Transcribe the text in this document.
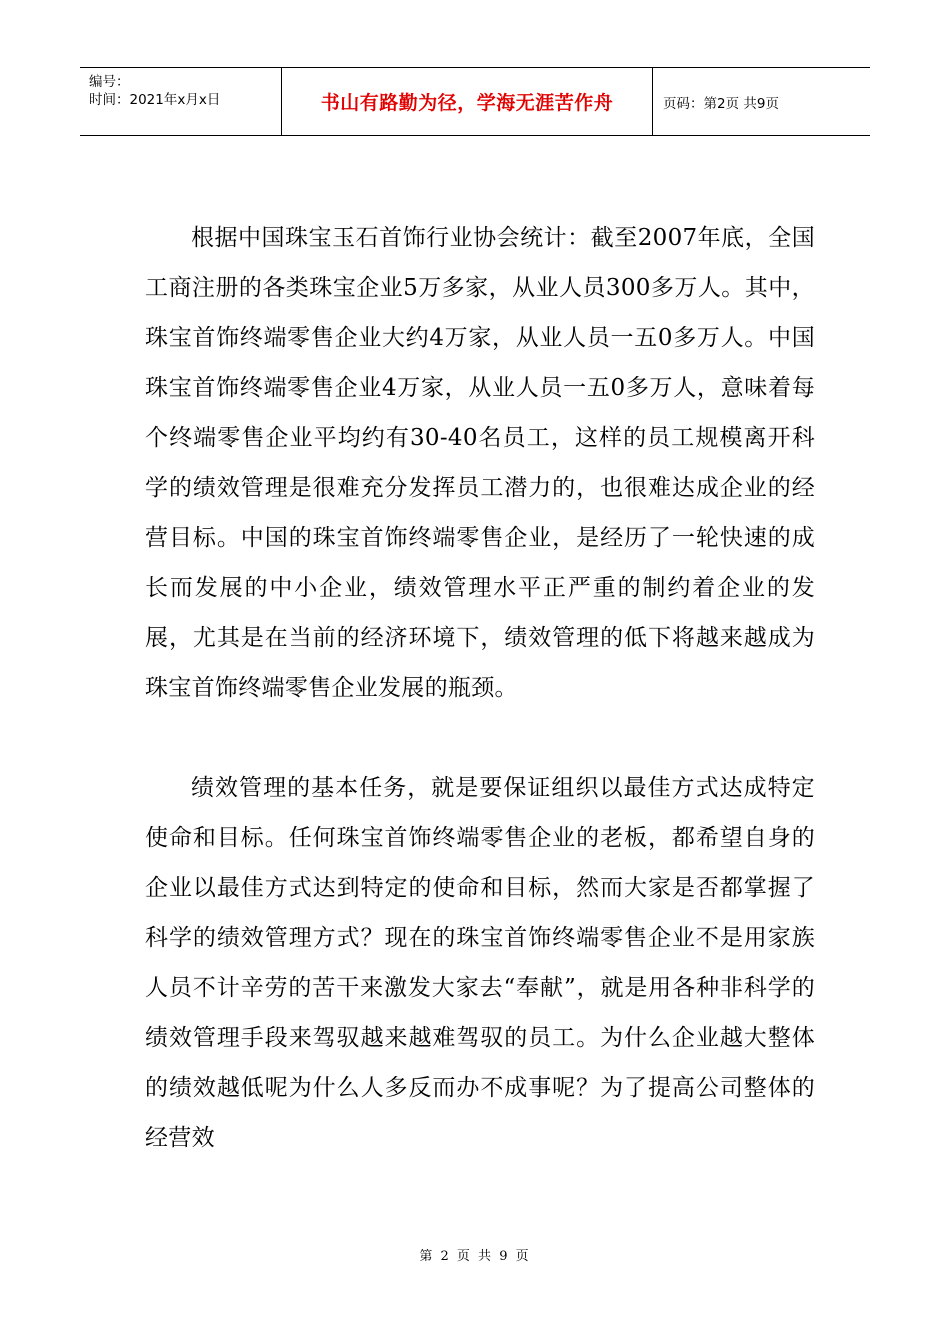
编号：
时间：2021年x月x日	书山有路勤为径，学海无涯苦作舟	页码：第2页 共9页

根据中国珠宝玉石首饰行业协会统计：截至2007年底，全国工商注册的各类珠宝企业5万多家，从业人员300多万人。其中，珠宝首饰终端零售企业大约4万家，从业人员一五0多万人。中国珠宝首饰终端零售企业4万家，从业人员一五0多万人，意味着每个终端零售企业平均约有30-40名员工，这样的员工规模离开科学的绩效管理是很难充分发挥员工潜力的，也很难达成企业的经营目标。中国的珠宝首饰终端零售企业，是经历了一轮快速的成长而发展的中小企业，绩效管理水平正严重的制约着企业的发展，尤其是在当前的经济环境下，绩效管理的低下将越来越成为珠宝首饰终端零售企业发展的瓶颈。

绩效管理的基本任务，就是要保证组织以最佳方式达成特定使命和目标。任何珠宝首饰终端零售企业的老板，都希望自身的企业以最佳方式达到特定的使命和目标，然而大家是否都掌握了科学的绩效管理方式？现在的珠宝首饰终端零售企业不是用家族人员不计辛劳的苦干来激发大家去“奉献”，就是用各种非科学的绩效管理手段来驾驭越来越难驾驭的员工。为什么企业越大整体的绩效越低呢为什么人多反而办不成事呢？为了提高公司整体的经营效

第 2 页 共 9 页
